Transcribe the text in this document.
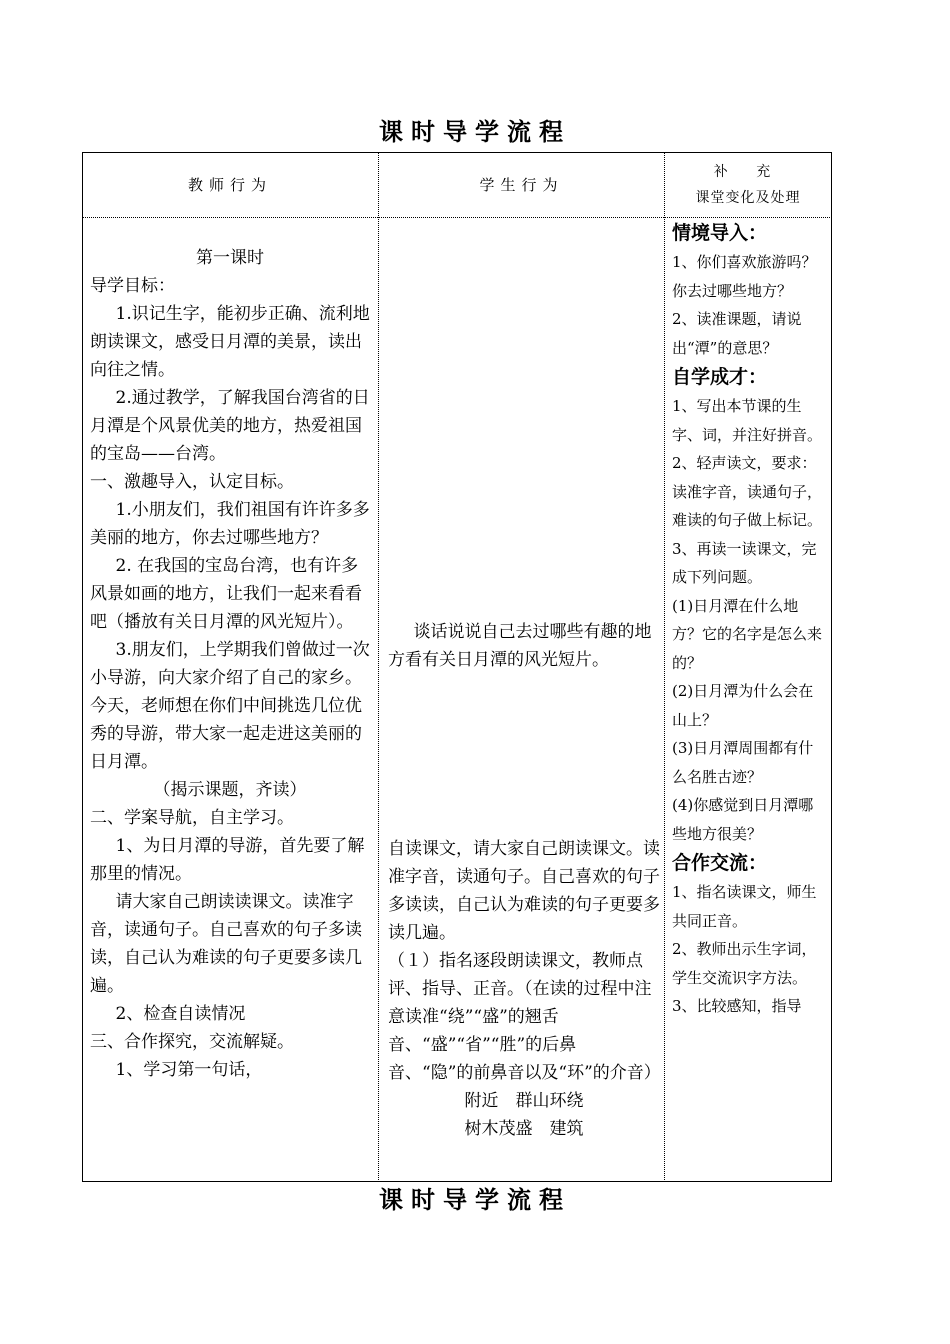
课时导学流程
教师行为	学生行为
补 充
课堂变化及处理

第一课时

导学目标：

1.识记生字，能初步正确、流利地朗读课文，感受日月潭的美景，读出向往之情。

2.通过教学，了解我国台湾省的日月潭是个风景优美的地方，热爱祖国的宝岛——台湾。

一、激趣导入，认定目标。

1.小朋友们，我们祖国有许许多多美丽的地方，你去过哪些地方？

2. 在我国的宝岛台湾，也有许多风景如画的地方，让我们一起来看看吧（播放有关日月潭的风光短片）。

3.朋友们，上学期我们曾做过一次小导游，向大家介绍了自己的家乡。今天，老师想在你们中间挑选几位优秀的导游，带大家一起走进这美丽的日月潭。

（揭示课题，齐读）

二、学案导航，自主学习。

1、为日月潭的导游，首先要了解那里的情况。

请大家自己朗读读课文。读准字音，读通句子。自己喜欢的句子多读读，自己认为难读的句子更要多读几遍。

2、检查自读情况

三、合作探究，交流解疑。

1、学习第一句话，

谈话说说自己去过哪些有趣的地方看有关日月潭的风光短片。

自读课文，请大家自己朗读课文。读准字音，读通句子。自己喜欢的句子多读读，自己认为难读的句子更要多读几遍。

（１）指名逐段朗读课文，教师点评、指导、正音。（在读的过程中注意读准“绕”“盛”的翘舌音、“盛”“省”“胜”的后鼻音、“隐”的前鼻音以及“环”的介音）

附近　群山环绕

树木茂盛　建筑

情境导入：

1、你们喜欢旅游吗？你去过哪些地方？

2、读准课题，请说出“潭”的意思？

自学成才：

1、写出本节课的生字、词，并注好拼音。

2、轻声读文，要求：读准字音，读通句子，难读的句子做上标记。

3、再读一读课文，完成下列问题。

(1)日月潭在什么地方？它的名字是怎么来的？

(2)日月潭为什么会在山上？

(3)日月潭周围都有什么名胜古迹？

(4)你感觉到日月潭哪些地方很美？

合作交流：

1、指名读课文，师生共同正音。

2、教师出示生字词，学生交流识字方法。

3、比较感知，指导

课时导学流程
